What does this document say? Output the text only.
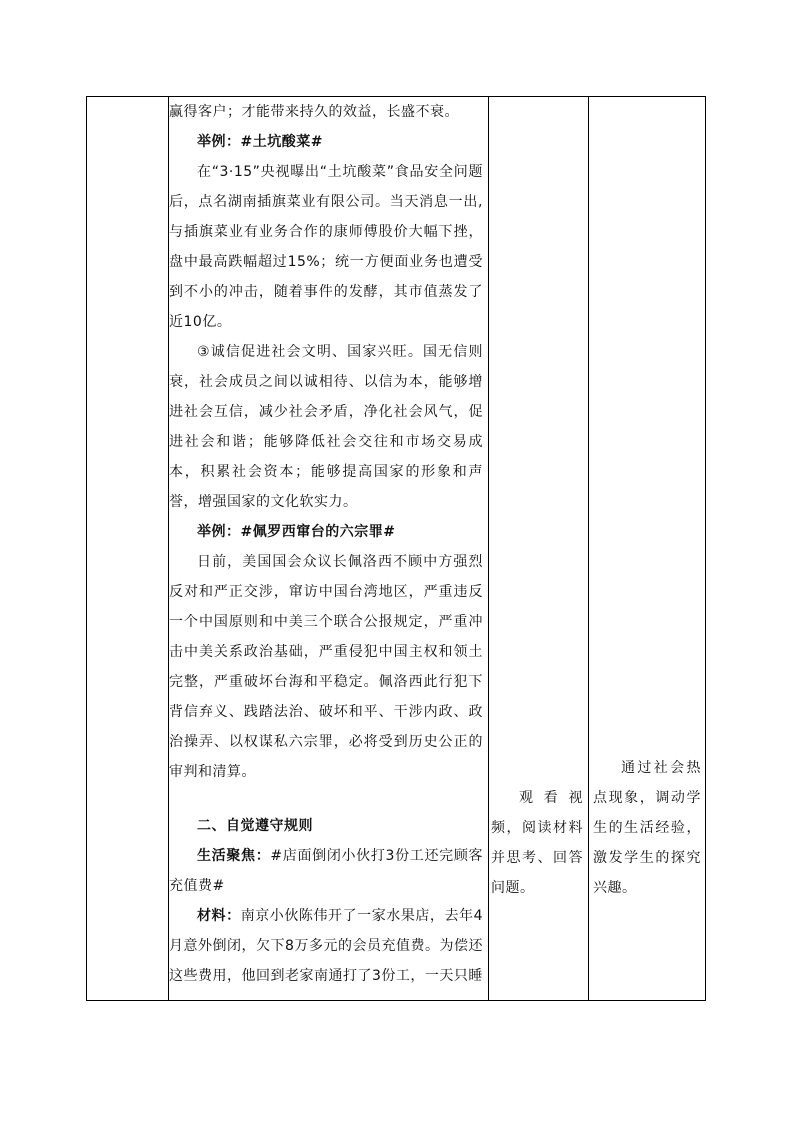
赢得客户；才能带来持久的效益，长盛不衰。

举例：#土坑酸菜#

在“3·15”央视曝出“土坑酸菜”食品安全问题后，点名湖南插旗菜业有限公司。当天消息一出,与插旗菜业有业务合作的康师傅股价大幅下挫，盘中最高跌幅超过15%；统一方便面业务也遭受到不小的冲击，随着事件的发酵，其市值蒸发了近10亿。

③诚信促进社会文明、国家兴旺。国无信则衰，社会成员之间以诚相待、以信为本，能够增进社会互信，减少社会矛盾，净化社会风气，促进社会和谐；能够降低社会交往和市场交易成本，积累社会资本；能够提高国家的形象和声誉，增强国家的文化软实力。

举例：#佩罗西窜台的六宗罪#

日前，美国国会众议长佩洛西不顾中方强烈反对和严正交涉，窜访中国台湾地区，严重违反一个中国原则和中美三个联合公报规定，严重冲击中美关系政治基础，严重侵犯中国主权和领土完整，严重破坏台海和平稳定。佩洛西此行犯下背信弃义、践踏法治、破坏和平、干涉内政、政治操弄、以权谋私六宗罪，必将受到历史公正的审判和清算。

二、自觉遵守规则

生活聚焦：#店面倒闭小伙打3份工还完顾客充值费#

材料：南京小伙陈伟开了一家水果店，去年4月意外倒闭，欠下8万多元的会员充值费。为偿还这些费用，他回到老家南通打了3份工，一天只睡

观看视频，阅读材料并思考、回答问题。

通过社会热点现象，调动学生的生活经验，激发学生的探究兴趣。
